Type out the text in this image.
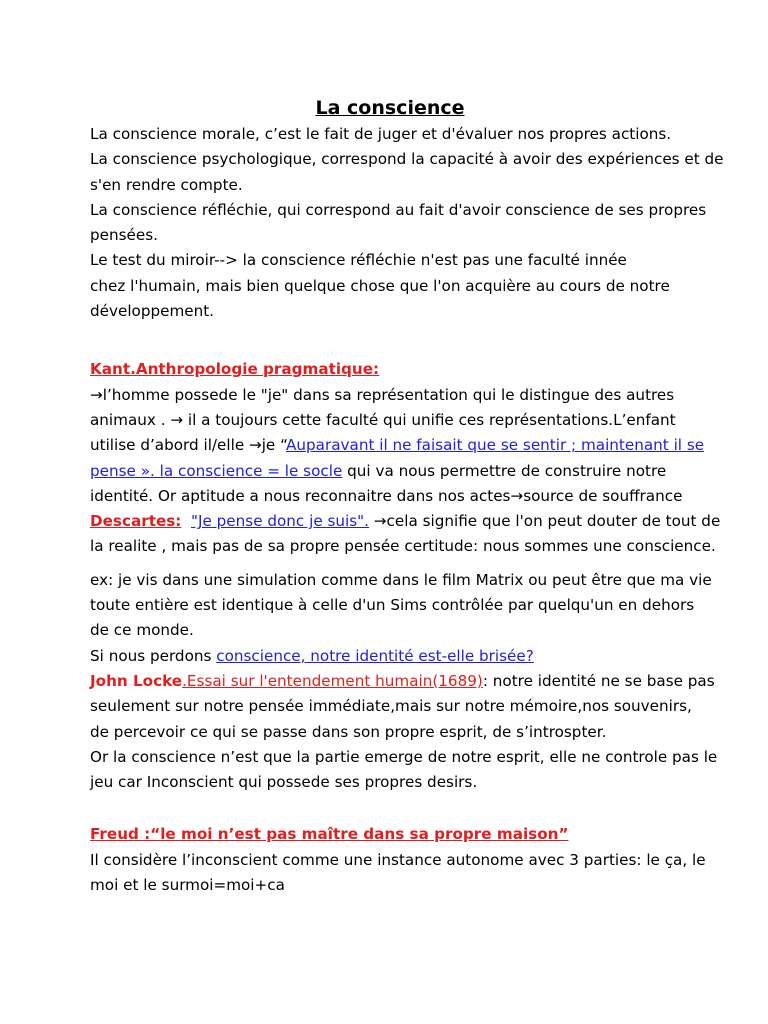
La conscience
La conscience morale, c’est le fait de juger et d'évaluer nos propres actions.
La conscience psychologique, correspond la capacité à avoir des expériences et de
s'en rendre compte.
La conscience réfléchie, qui correspond au fait d'avoir conscience de ses propres
pensées.
Le test du miroir--> la conscience réfléchie n'est pas une faculté innée
chez l'humain, mais bien quelque chose que l'on acquière au cours de notre
développement.
Kant.Anthropologie pragmatique:
→l’homme possede le "je" dans sa représentation qui le distingue des autres
animaux . → il a toujours cette faculté qui unifie ces représentations.L’enfant
utilise d’abord il/elle →je “Auparavant il ne faisait que se sentir ; maintenant il se
pense ». la conscience = le socle qui va nous permettre de construire notre
identité. Or aptitude a nous reconnaitre dans nos actes→source de souffrance
Descartes: "Je pense donc je suis". →cela signifie que l'on peut douter de tout de
la realite , mais pas de sa propre pensée certitude: nous sommes une conscience.
ex: je vis dans une simulation comme dans le film Matrix ou peut être que ma vie
toute entière est identique à celle d'un Sims contrôlée par quelqu'un en dehors
de ce monde.
Si nous perdons conscience, notre identité est-elle brisée?
John Locke.Essai sur l'entendement humain(1689): notre identité ne se base pas
seulement sur notre pensée immédiate,mais sur notre mémoire,nos souvenirs,
de percevoir ce qui se passe dans son propre esprit, de s’introspter.
Or la conscience n’est que la partie emerge de notre esprit, elle ne controle pas le
jeu car Inconscient qui possede ses propres desirs.
Freud :“le moi n’est pas maître dans sa propre maison”
Il considère l’inconscient comme une instance autonome avec 3 parties: le ça, le
moi et le surmoi=moi+ca
